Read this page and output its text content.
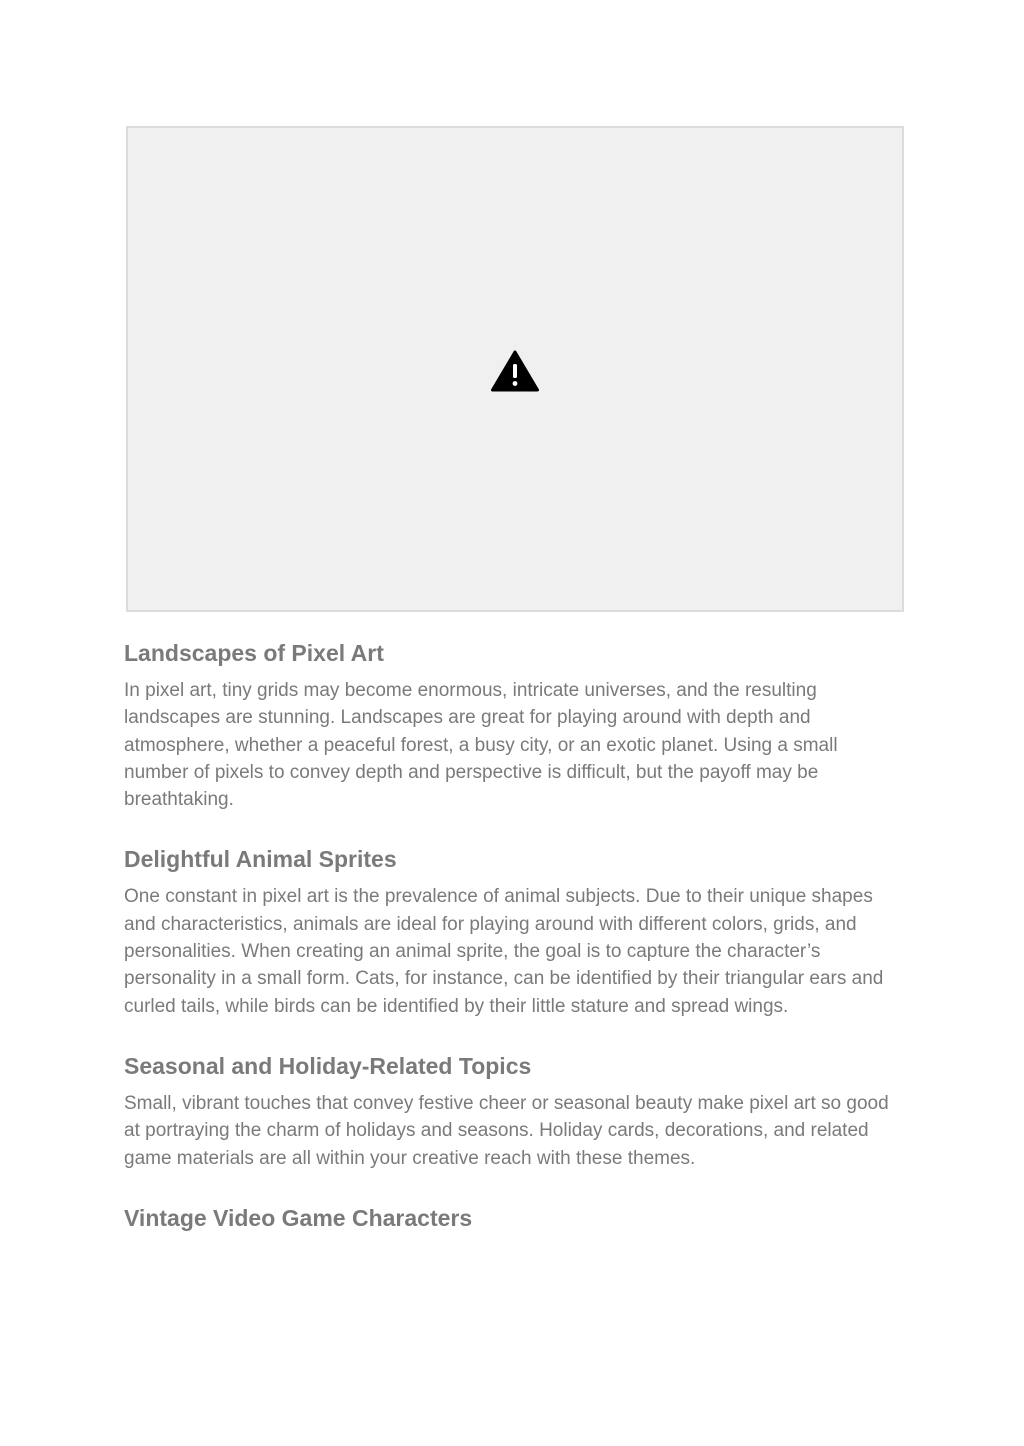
Landscapes of Pixel Art

In pixel art, tiny grids may become enormous, intricate universes, and the resulting landscapes are stunning. Landscapes are great for playing around with depth and atmosphere, whether a peaceful forest, a busy city, or an exotic planet. Using a small number of pixels to convey depth and perspective is difficult, but the payoff may be breathtaking.

Delightful Animal Sprites

One constant in pixel art is the prevalence of animal subjects. Due to their unique shapes and characteristics, animals are ideal for playing around with different colors, grids, and personalities. When creating an animal sprite, the goal is to capture the character’s personality in a small form. Cats, for instance, can be identified by their triangular ears and curled tails, while birds can be identified by their little stature and spread wings.

Seasonal and Holiday-Related Topics

Small, vibrant touches that convey festive cheer or seasonal beauty make pixel art so good at portraying the charm of holidays and seasons. Holiday cards, decorations, and related game materials are all within your creative reach with these themes.

Vintage Video Game Characters
